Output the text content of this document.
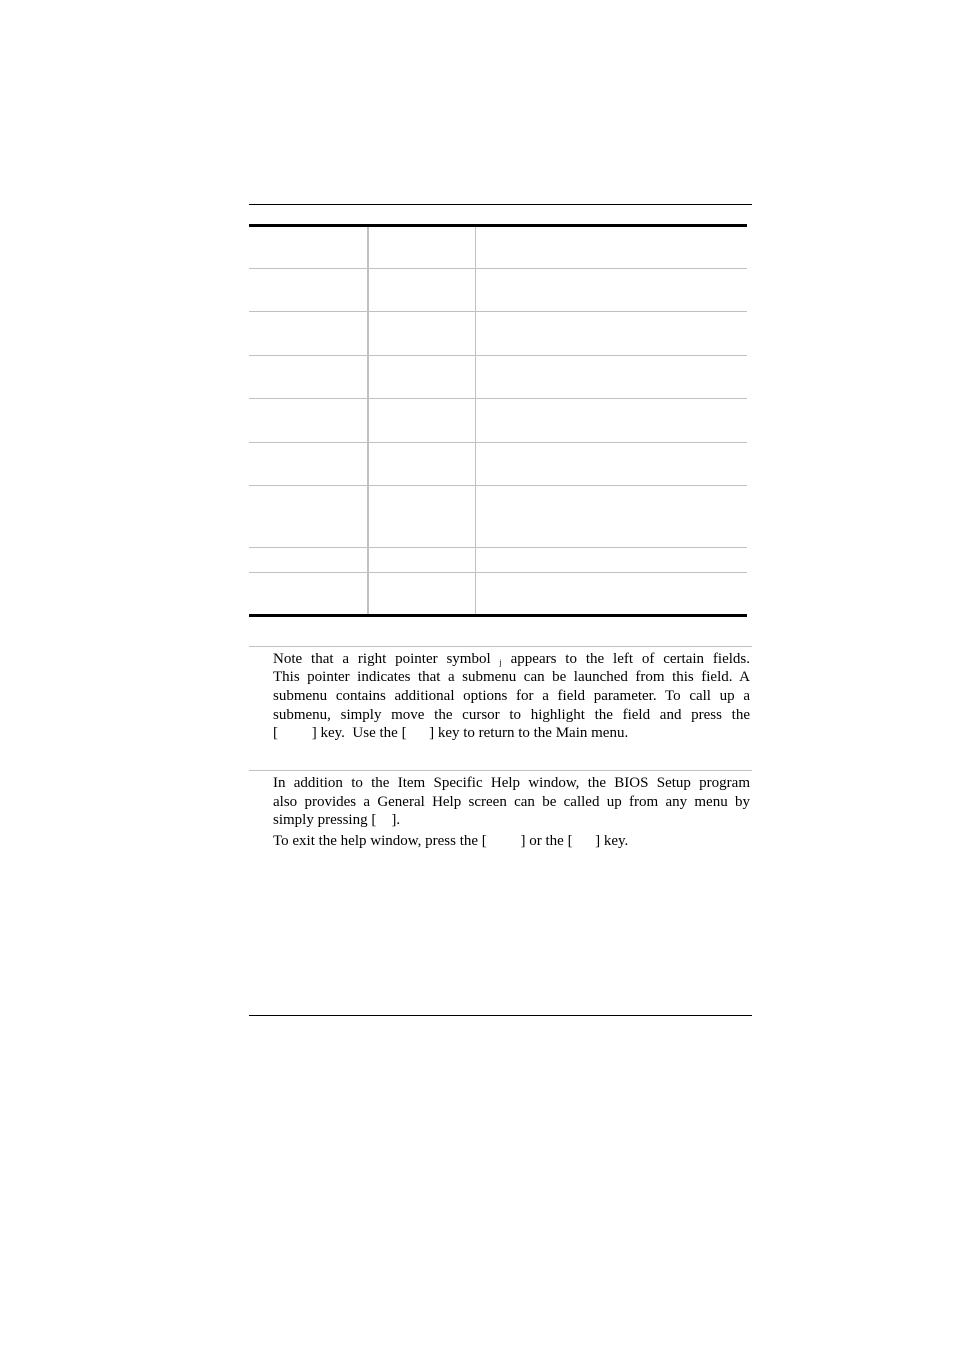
Note that a right pointer symbol j appears to the left of certain fields.
This pointer indicates that a submenu can be launched from this field. A
submenu contains additional options for a field parameter. To call up a
submenu, simply move the cursor to highlight the field and press the
[         ] key.  Use the [      ] key to return to the Main menu.
In addition to the Item Specific Help window, the BIOS Setup program
also provides a General Help screen can be called up from any menu by
simply pressing [    ].
To exit the help window, press the [         ] or the [      ] key.
